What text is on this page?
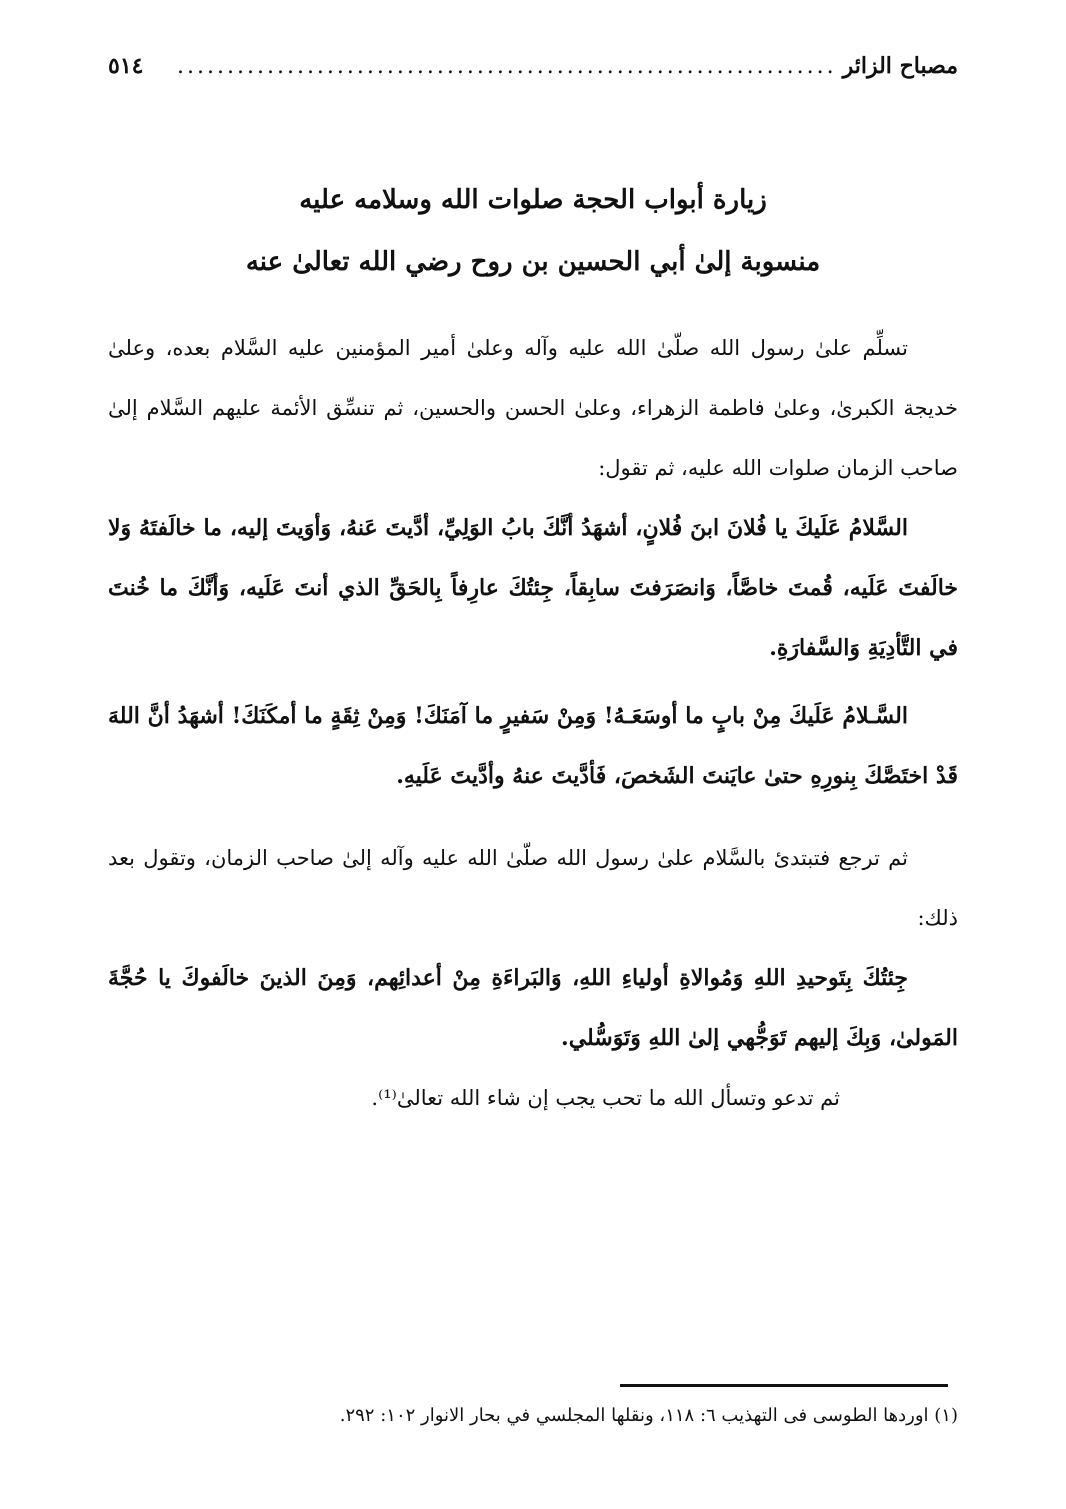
مصباح الزائر
..................................................................
٥١٤
زيارة أبواب الحجة صلوات الله وسلامه عليه
منسوبة إلىٰ أبي الحسين بن روح رضي الله تعالىٰ عنه

تسلِّم علىٰ رسول الله صلّىٰ الله عليه وآله وعلىٰ أمير المؤمنين عليه السَّلام بعده، وعلىٰ خديجة الكبرىٰ، وعلىٰ فاطمة الزهراء، وعلىٰ الحسن والحسين، ثم تنسِّق الأئمة عليهم السَّلام إلىٰ صاحب الزمان صلوات الله عليه، ثم تقول:

السَّلامُ عَلَيكَ يا فُلانَ ابنَ فُلانٍ، أشهَدُ أنَّكَ بابُ الوَلِيِّ، أدَّيتَ عَنهُ، وَأوَيتَ إليه، ما خالَفتَهُ وَلا خالَفتَ عَلَيه، قُمتَ خاصَّاً، وَانصَرَفتَ سابِقاً، جِئتُكَ عارِفاً بِالحَقِّ الذي أنتَ عَلَيه، وَأنَّكَ ما خُنتَ في التَّأدِيَةِ وَالسَّفارَةِ.

السَّـلامُ عَلَيكَ مِنْ بابٍ ما أوسَعَـهُ! وَمِنْ سَفيرٍ ما آمَنَكَ! وَمِنْ ثِقَةٍ ما أمكَنَكَ! أشهَدُ أنَّ اللهَ قَدْ اختَصَّكَ بِنورِهِ حتىٰ عايَنتَ الشَخصَ، فَأدَّيتَ عنهُ وأدَّيتَ عَلَيهِ.

ثم ترجع فتبتدئ بالسَّلام علىٰ رسول الله صلّىٰ الله عليه وآله إلىٰ صاحب الزمان، وتقول بعد ذلك:

جِئتُكَ بِتَوحيدِ اللهِ وَمُوالاةِ أولياءِ اللهِ، وَالبَراءَةِ مِنْ أعدائِهم، وَمِنَ الذينَ خالَفوكَ يا حُجَّةَ المَولىٰ، وَبِكَ إليهم تَوَجُّهي إلىٰ اللهِ وَتَوَسُّلي.

ثم تدعو وتسأل الله ما تحب يجب إن شاء الله تعالىٰ⁽¹⁾.

(١) اوردها الطوسى فى التهذيب ٦: ١١٨، ونقلها المجلسي في بحار الانوار ١٠٢: ٢٩٢.
